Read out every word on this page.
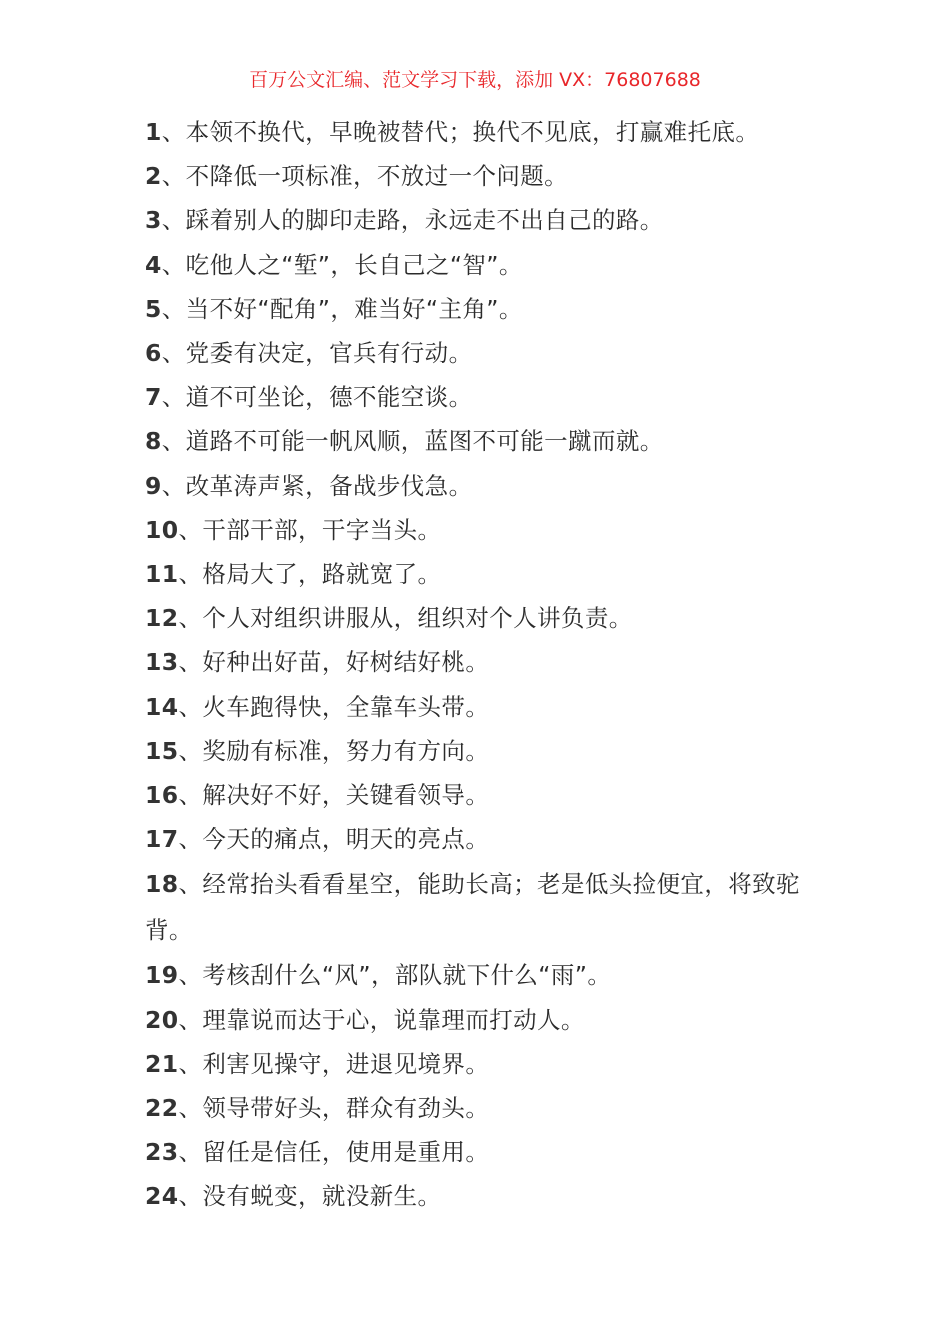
百万公文汇编、范文学习下载，添加 VX：76807688
1、本领不换代，早晚被替代；换代不见底，打赢难托底。
2、不降低一项标准，不放过一个问题。
3、踩着别人的脚印走路，永远走不出自己的路。
4、吃他人之“堑”，长自己之“智”。
5、当不好“配角”，难当好“主角”。
6、党委有决定，官兵有行动。
7、道不可坐论，德不能空谈。
8、道路不可能一帆风顺，蓝图不可能一蹴而就。
9、改革涛声紧，备战步伐急。
10、干部干部，干字当头。
11、格局大了，路就宽了。
12、个人对组织讲服从，组织对个人讲负责。
13、好种出好苗，好树结好桃。
14、火车跑得快，全靠车头带。
15、奖励有标准，努力有方向。
16、解决好不好，关键看领导。
17、今天的痛点，明天的亮点。
18、经常抬头看看星空，能助长高；老是低头捡便宜，将致驼背。
19、考核刮什么“风”，部队就下什么“雨”。
20、理靠说而达于心，说靠理而打动人。
21、利害见操守，进退见境界。
22、领导带好头，群众有劲头。
23、留任是信任，使用是重用。
24、没有蜕变，就没新生。
